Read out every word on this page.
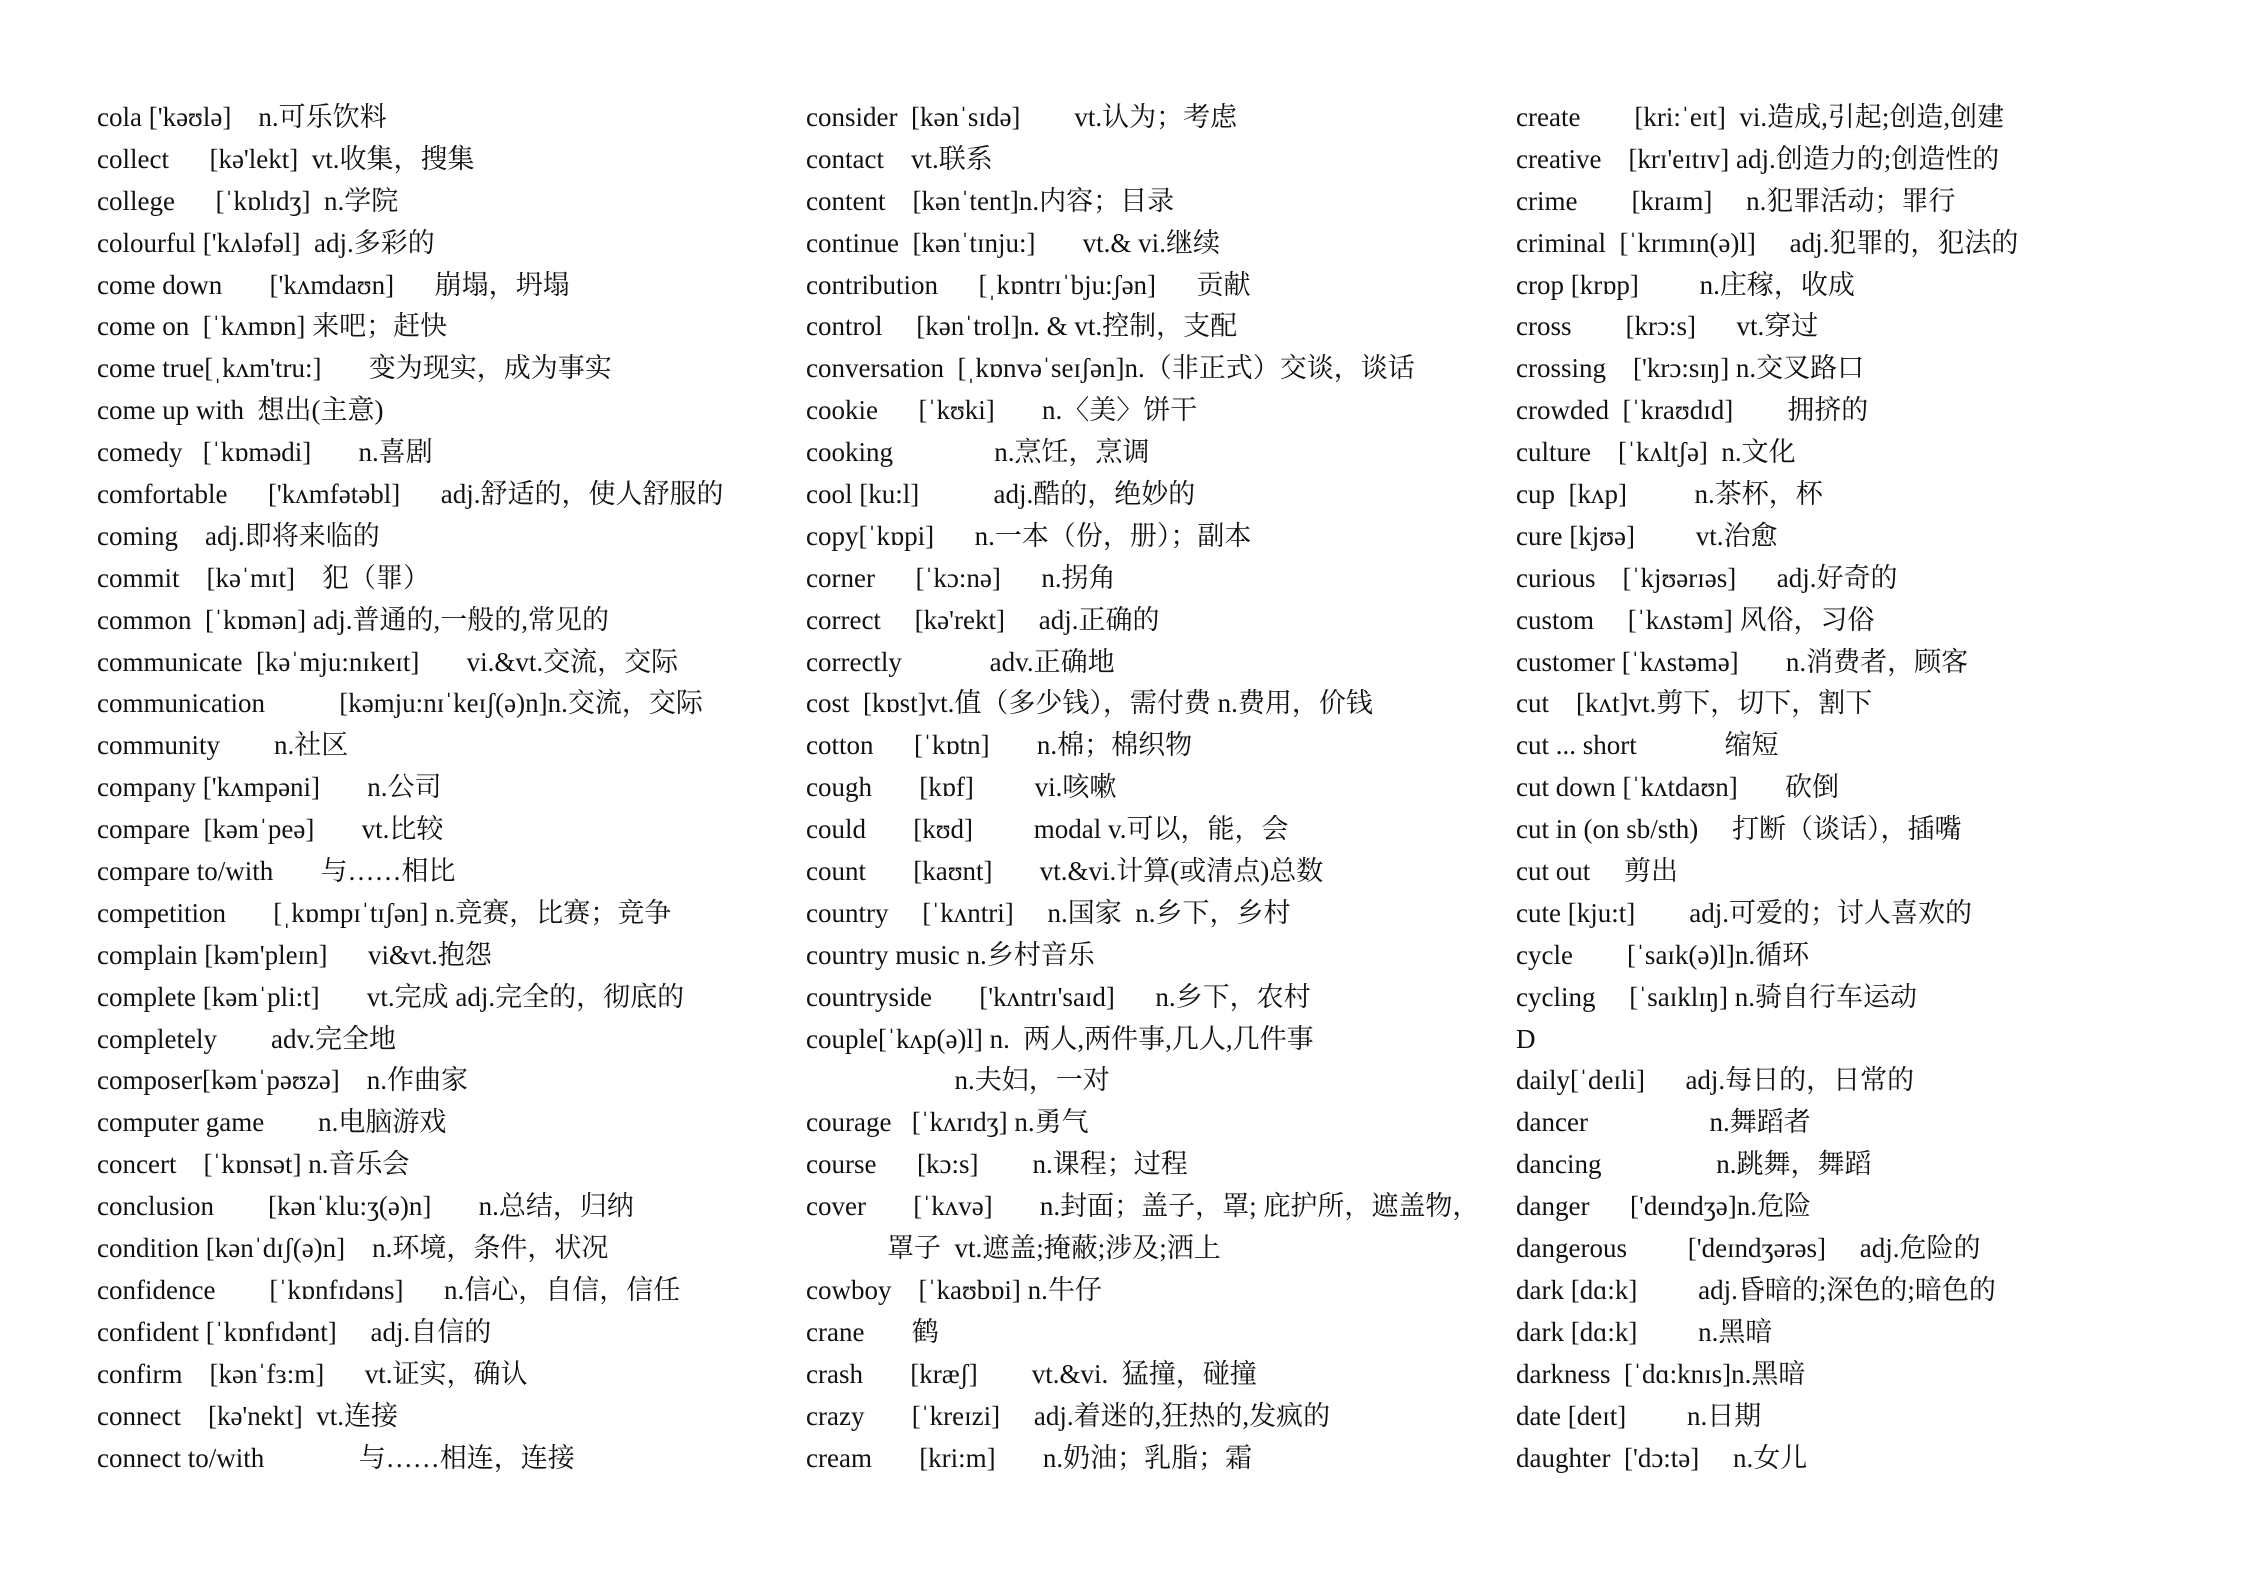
cola ['kəʊlə]    n.可乐饮料
collect      [kə'lekt]  vt.收集，搜集
college      [ˈkɒlɪdʒ]  n.学院
colourful ['kʌləfəl]  adj.多彩的
come down       ['kʌmdaʊn]      崩塌，坍塌
come on  [ˈkʌmɒn] 来吧；赶快
come true[ˌkʌm'tru:]       变为现实，成为事实
come up with  想出(主意)
comedy   [ˈkɒmədi]       n.喜剧
comfortable      ['kʌmfətəbl]      adj.舒适的，使人舒服的
coming    adj.即将来临的
commit    [kəˈmɪt]    犯（罪）
common  [ˈkɒmən] adj.普通的,一般的,常见的
communicate  [kəˈmju:nɪkeɪt]       vi.&vt.交流，交际
communication           [kəmju:nɪˈkeɪʃ(ə)n]n.交流，交际
community        n.社区
company ['kʌmpəni]       n.公司
compare  [kəmˈpeə]       vt.比较
compare to/with       与……相比
competition       [ˌkɒmpɪˈtɪʃən] n.竞赛，比赛；竞争
complain [kəm'pleɪn]      vi&vt.抱怨
complete [kəmˈpli:t]       vt.完成 adj.完全的，彻底的
completely        adv.完全地
composer[kəmˈpəʊzə]    n.作曲家
computer game        n.电脑游戏
concert    [ˈkɒnsət] n.音乐会
conclusion        [kənˈklu:ʒ(ə)n]       n.总结，归纳
condition [kənˈdɪʃ(ə)n]    n.环境，条件，状况
confidence        [ˈkɒnfɪdəns]      n.信心，自信，信任
confident [ˈkɒnfɪdənt]     adj.自信的
confirm    [kənˈfɜ:m]      vt.证实，确认
connect    [kə'nekt]  vt.连接
connect to/with              与……相连，连接
consider  [kənˈsɪdə]        vt.认为；考虑
contact    vt.联系
content    [kənˈtent]n.内容；目录
continue  [kənˈtɪnju:]       vt.& vi.继续
contribution      [ˌkɒntrɪˈbju:ʃən]      贡献
control     [kənˈtrol]n. & vt.控制，支配
conversation  [ˌkɒnvəˈseɪʃən]n.（非正式）交谈，谈话
cookie      [ˈkʊki]       n.〈美〉饼干
cooking               n.烹饪，烹调
cool [ku:l]           adj.酷的，绝妙的
copy[ˈkɒpi]      n.一本（份，册）；副本
corner      [ˈkɔ:nə]      n.拐角
correct     [kə'rekt]     adj.正确的
correctly             adv.正确地
cost  [kɒst]vt.值（多少钱），需付费 n.费用，价钱
cotton      [ˈkɒtn]       n.棉；棉织物
cough       [kɒf]         vi.咳嗽
could       [kʊd]         modal v.可以，能，会
count       [kaʊnt]       vt.&vi.计算(或清点)总数
country     [ˈkʌntri]     n.国家  n.乡下，乡村
country music n.乡村音乐
countryside       ['kʌntrɪ'saɪd]      n.乡下，农村
couple[ˈkʌp(ə)l] n.  两人,两件事,几人,几件事
n.夫妇，一对
courage   [ˈkʌrɪdʒ] n.勇气
course      [kɔ:s]        n.课程；过程
cover       [ˈkʌvə]       n.封面；盖子，罩; 庇护所，遮盖物，
罩子  vt.遮盖;掩蔽;涉及;洒上
cowboy    [ˈkaʊbɒi] n.牛仔
crane       鹤
crash       [kræʃ]        vt.&vi.  猛撞，碰撞
crazy       [ˈkreɪzi]     adj.着迷的,狂热的,发疯的
cream       [kri:m]       n.奶油；乳脂；霜
create        [kri:ˈeɪt]  vi.造成,引起;创造,创建
creative    [krɪ'eɪtɪv] adj.创造力的;创造性的
crime        [kraɪm]     n.犯罪活动；罪行
criminal  [ˈkrɪmɪn(ə)l]     adj.犯罪的，犯法的
crop [krɒp]         n.庄稼，收成
cross        [krɔ:s]      vt.穿过
crossing    ['krɔ:sɪŋ] n.交叉路口
crowded  [ˈkraʊdɪd]        拥挤的
culture    [ˈkʌltʃə]  n.文化
cup  [kʌp]          n.茶杯，杯
cure [kjʊə]         vt.治愈
curious    [ˈkjʊərɪəs]      adj.好奇的
custom     [ˈkʌstəm] 风俗，习俗
customer [ˈkʌstəmə]       n.消费者，顾客
cut    [kʌt]vt.剪下，切下，割下
cut ... short             缩短
cut down [ˈkʌtdaʊn]       砍倒
cut in (on sb/sth)     打断（谈话），插嘴
cut out     剪出
cute [kju:t]        adj.可爱的；讨人喜欢的
cycle        [ˈsaɪk(ə)l]n.循环
cycling     [ˈsaɪklɪŋ] n.骑自行车运动
D
daily[ˈdeɪli]      adj.每日的，日常的
dancer                  n.舞蹈者
dancing                 n.跳舞，舞蹈
danger      ['deɪndʒə]n.危险
dangerous         ['deɪndʒərəs]     adj.危险的
dark [dɑ:k]         adj.昏暗的;深色的;暗色的
dark [dɑ:k]         n.黑暗
darkness  [ˈdɑ:knɪs]n.黑暗
date [deɪt]         n.日期
daughter  ['dɔ:tə]     n.女儿
